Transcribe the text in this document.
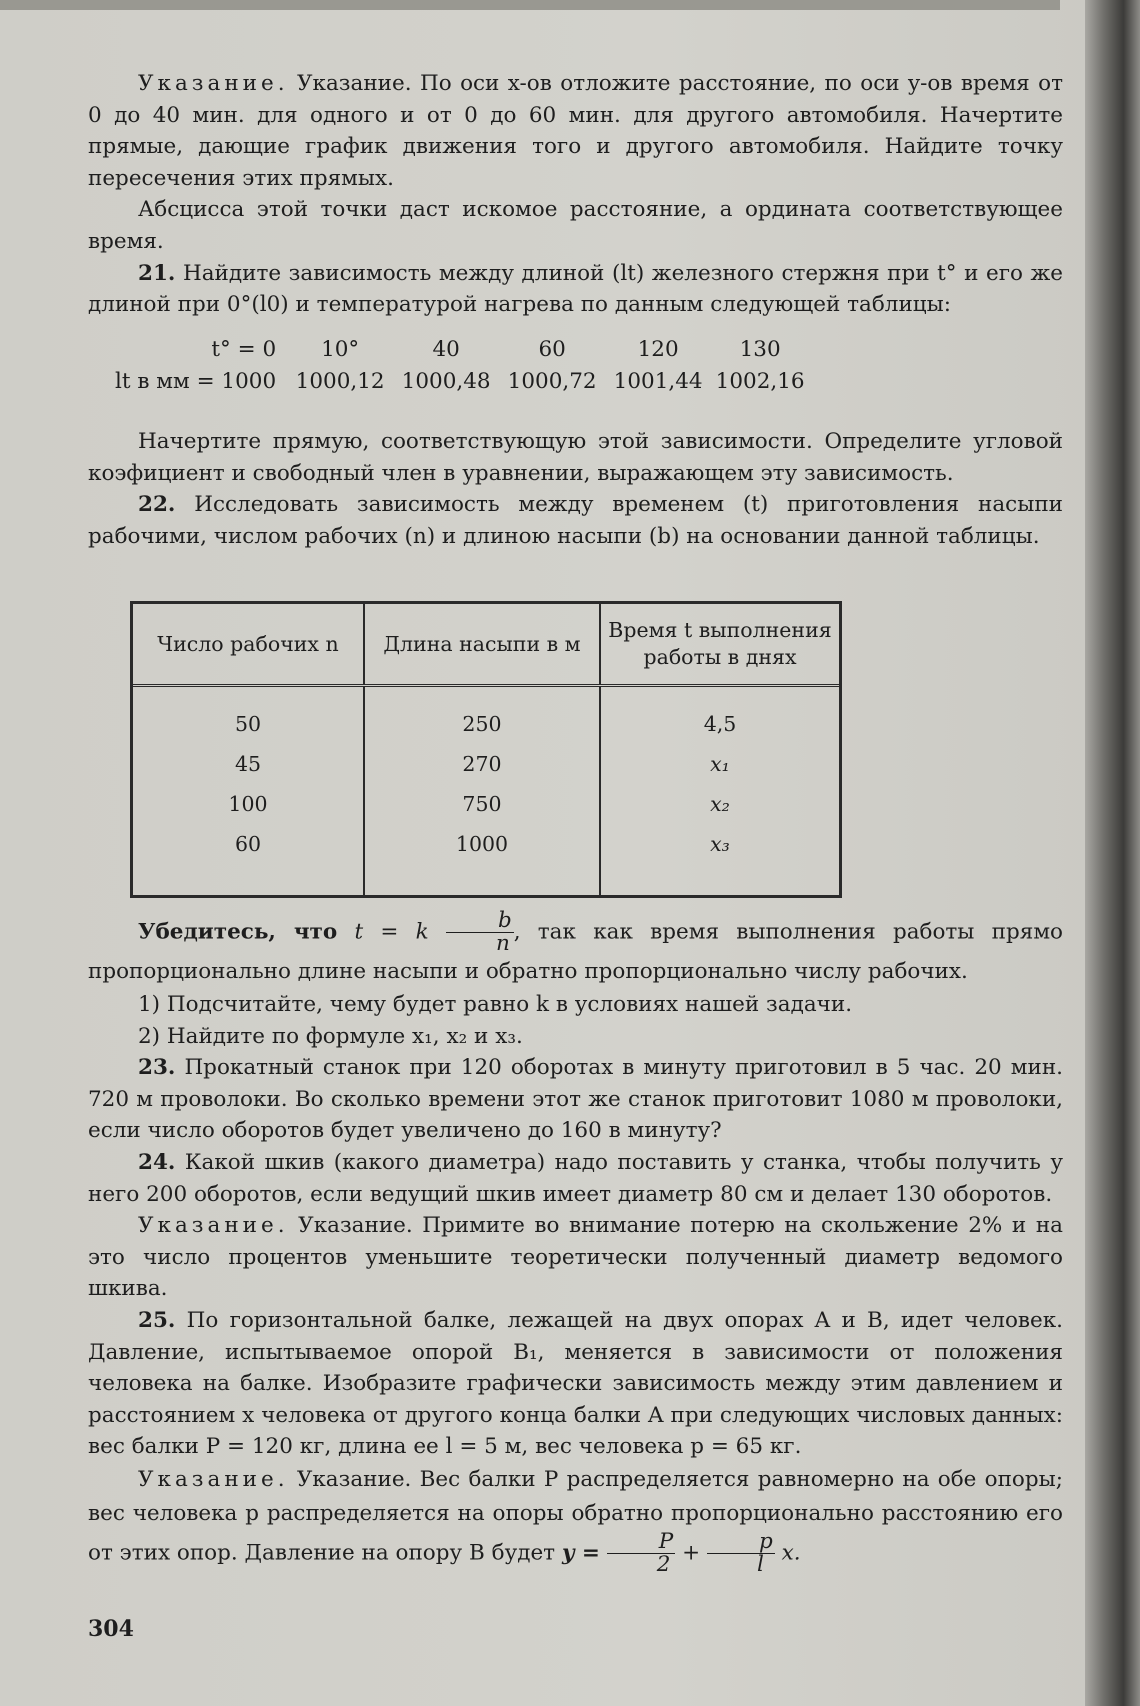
Указание. Указание. По оси x-ов отложите расстояние, по оси y-ов время от 0 до 40 мин. для одного и от 0 до 60 мин. для другого автомобиля. Начертите прямые, дающие график движения того и другого автомобиля. Найдите точку пересечения этих прямых.

Абсцисса этой точки даст искомое расстояние, а ордината соответствующее время.

21. Найдите зависимость между длиной (lt) железного стержня при t° и его же длиной при 0°(l0) и температурой нагрева по данным следующей таблицы:

t° = 0	10°	40	60	120	130
lt в мм = 1000	1000,12	1000,48	1000,72	1001,44	1002,16

Начертите прямую, соответствующую этой зависимости. Определите угловой коэфициент и свободный член в уравнении, выражающем эту зависимость.

22. Исследовать зависимость между временем (t) приготовления насыпи рабочими, числом рабочих (n) и длиною насыпи (b) на основании данной таблицы.

Число рабочих n	Длина насыпи в м	Время t выполнения работы в днях
50	250	4,5
45	270	x₁
100	750	x₂
60	1000	x₃

Убедитесь, что t = k $\frac{b}{n}$ , так как время выполнения работы прямо пропорционально длине насыпи и обратно пропорционально числу рабочих.

1) Подсчитайте, чему будет равно k в условиях нашей задачи.

2) Найдите по формуле x₁, x₂ и x₃.

23. Прокатный станок при 120 оборотах в минуту приготовил в 5 час. 20 мин. 720 м проволоки. Во сколько времени этот же станок приготовит 1080 м проволоки, если число оборотов будет увеличено до 160 в минуту?

24. Какой шкив (какого диаметра) надо поставить у станка, чтобы получить у него 200 оборотов, если ведущий шкив имеет диаметр 80 см и делает 130 оборотов.

Указание. Указание. Примите во внимание потерю на скольжение 2% и на это число процентов уменьшите теоретически полученный диаметр ведомого шкива.

25. По горизонтальной балке, лежащей на двух опорах A и B, идет человек. Давление, испытываемое опорой B₁, меняется в зависимости от положения человека на балке. Изобразите графически зависимость между этим давлением и расстоянием x человека от другого конца балки A при следующих числовых данных: вес балки P = 120 кг, длина ее l = 5 м, вес человека p = 65 кг.

Указание. Указание. Вес балки P распределяется равномерно на обе опоры; вес человека p распределяется на опоры обратно пропорционально расстоянию его от этих опор. Давление на опору B будет $y = \frac{P}{2} + \frac{p}{l} x$.

304
